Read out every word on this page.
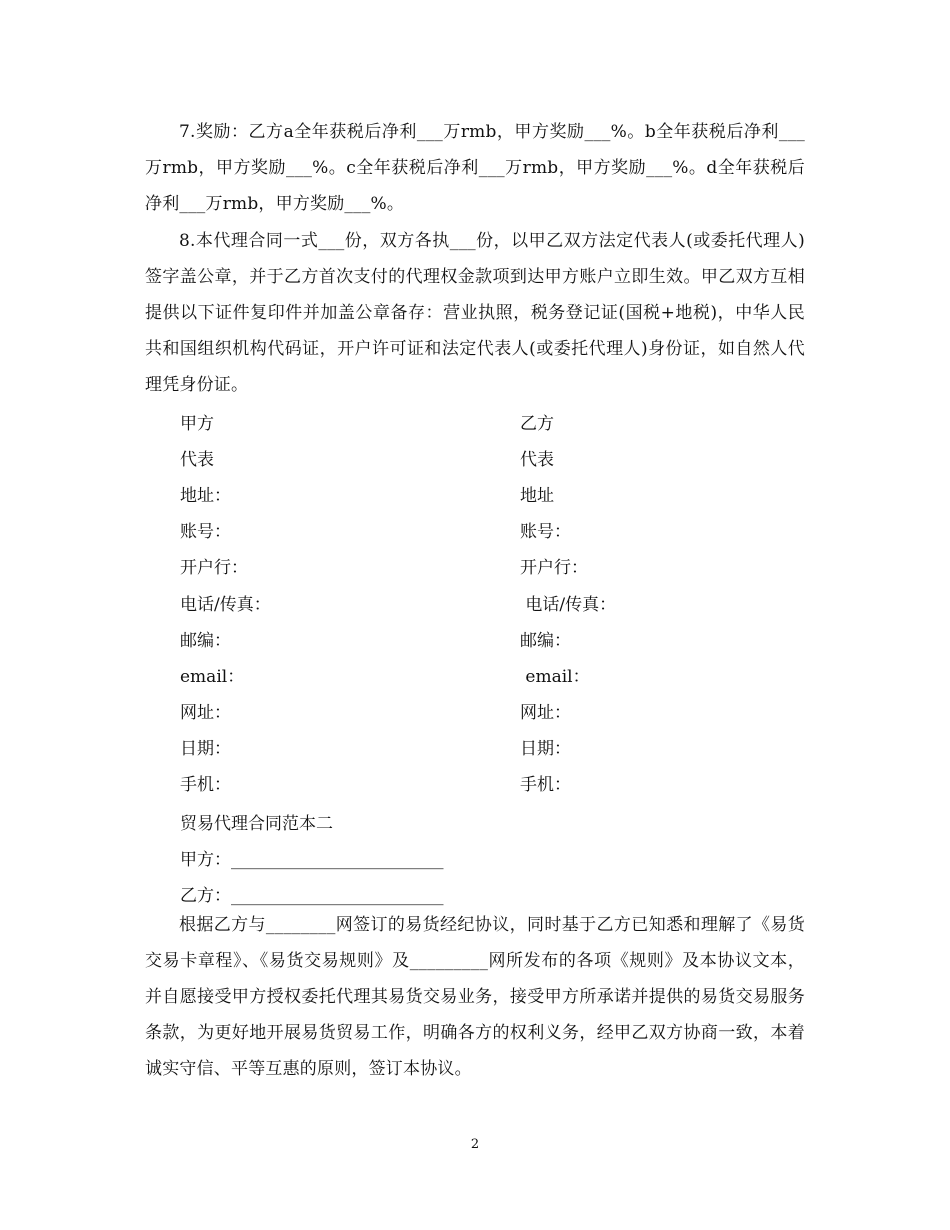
7.奖励：乙方a全年获税后净利___万rmb，甲方奖励___%。b全年获税后净利___万rmb，甲方奖励___%。c全年获税后净利___万rmb，甲方奖励___%。d全年获税后净利___万rmb，甲方奖励___%。

8.本代理合同一式___份，双方各执___份，以甲乙双方法定代表人(或委托代理人)签字盖公章，并于乙方首次支付的代理权金款项到达甲方账户立即生效。甲乙双方互相提供以下证件复印件并加盖公章备存：营业执照，税务登记证(国税+地税)，中华人民共和国组织机构代码证，开户许可证和法定代表人(或委托代理人)身份证，如自然人代理凭身份证。

甲方	乙方
代表	代表
地址：	地址
账号：	账号：
开户行：	开户行：
电话/传真：	电话/传真：
邮编：	邮编：
email：	email：
网址：	网址：
日期：	日期：
手机：	手机：

贸易代理合同范本二

甲方：_________________________

乙方：_________________________

根据乙方与________网签订的易货经纪协议，同时基于乙方已知悉和理解了《易货交易卡章程》、《易货交易规则》及_________网所发布的各项《规则》及本协议文本，并自愿接受甲方授权委托代理其易货交易业务，接受甲方所承诺并提供的易货交易服务条款，为更好地开展易货贸易工作，明确各方的权利义务，经甲乙双方协商一致，本着诚实守信、平等互惠的原则，签订本协议。

2
